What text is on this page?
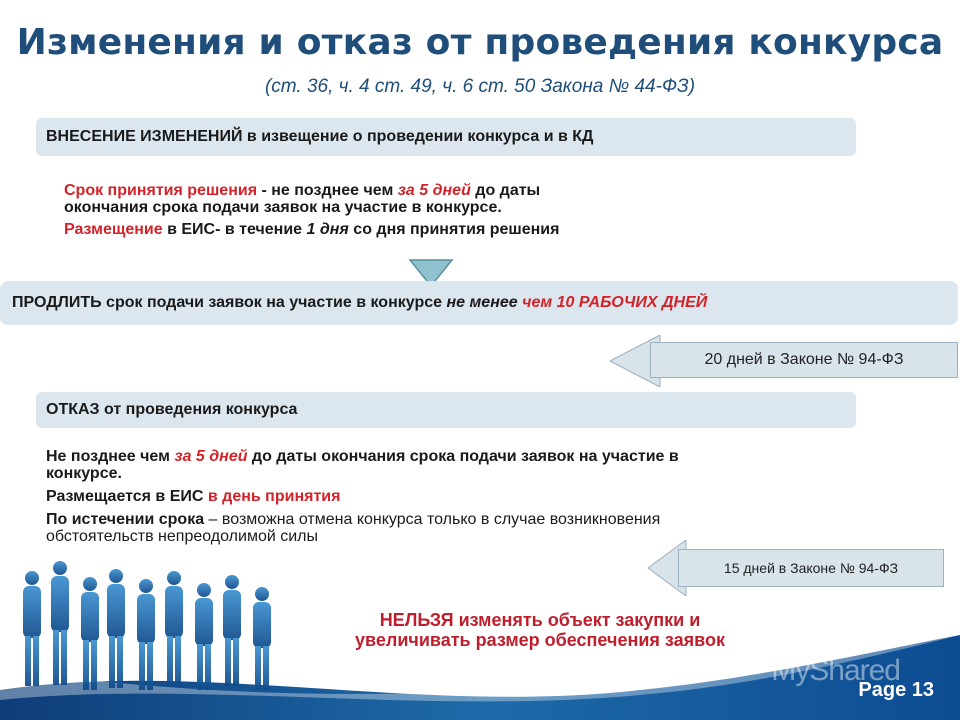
Изменения и отказ от проведения конкурса
(ст. 36, ч. 4 ст. 49, ч. 6 ст. 50 Закона № 44-ФЗ)
ВНЕСЕНИЕ ИЗМЕНЕНИЙ в извещение о проведении конкурса и в КД
Срок принятия решения - не позднее чем за 5 дней до даты
окончания срока подачи заявок на участие в конкурсе.
Размещение в ЕИС- в течение 1 дня со дня принятия решения
ПРОДЛИТЬ срок подачи заявок на участие в конкурсе не менее чем 10 РАБОЧИХ ДНЕЙ
20 дней в Законе № 94-ФЗ
ОТКАЗ от проведения конкурса
Не позднее чем за 5 дней до даты окончания срока подачи заявок на участие в
конкурсе.
Размещается в ЕИС в день принятия
По истечении срока – возможна отмена конкурса только в случае возникновения
обстоятельств непреодолимой силы
15 дней в Законе № 94-ФЗ
НЕЛЬЗЯ изменять объект закупки и
увеличивать размер обеспечения заявок
MyShared
Page 13
